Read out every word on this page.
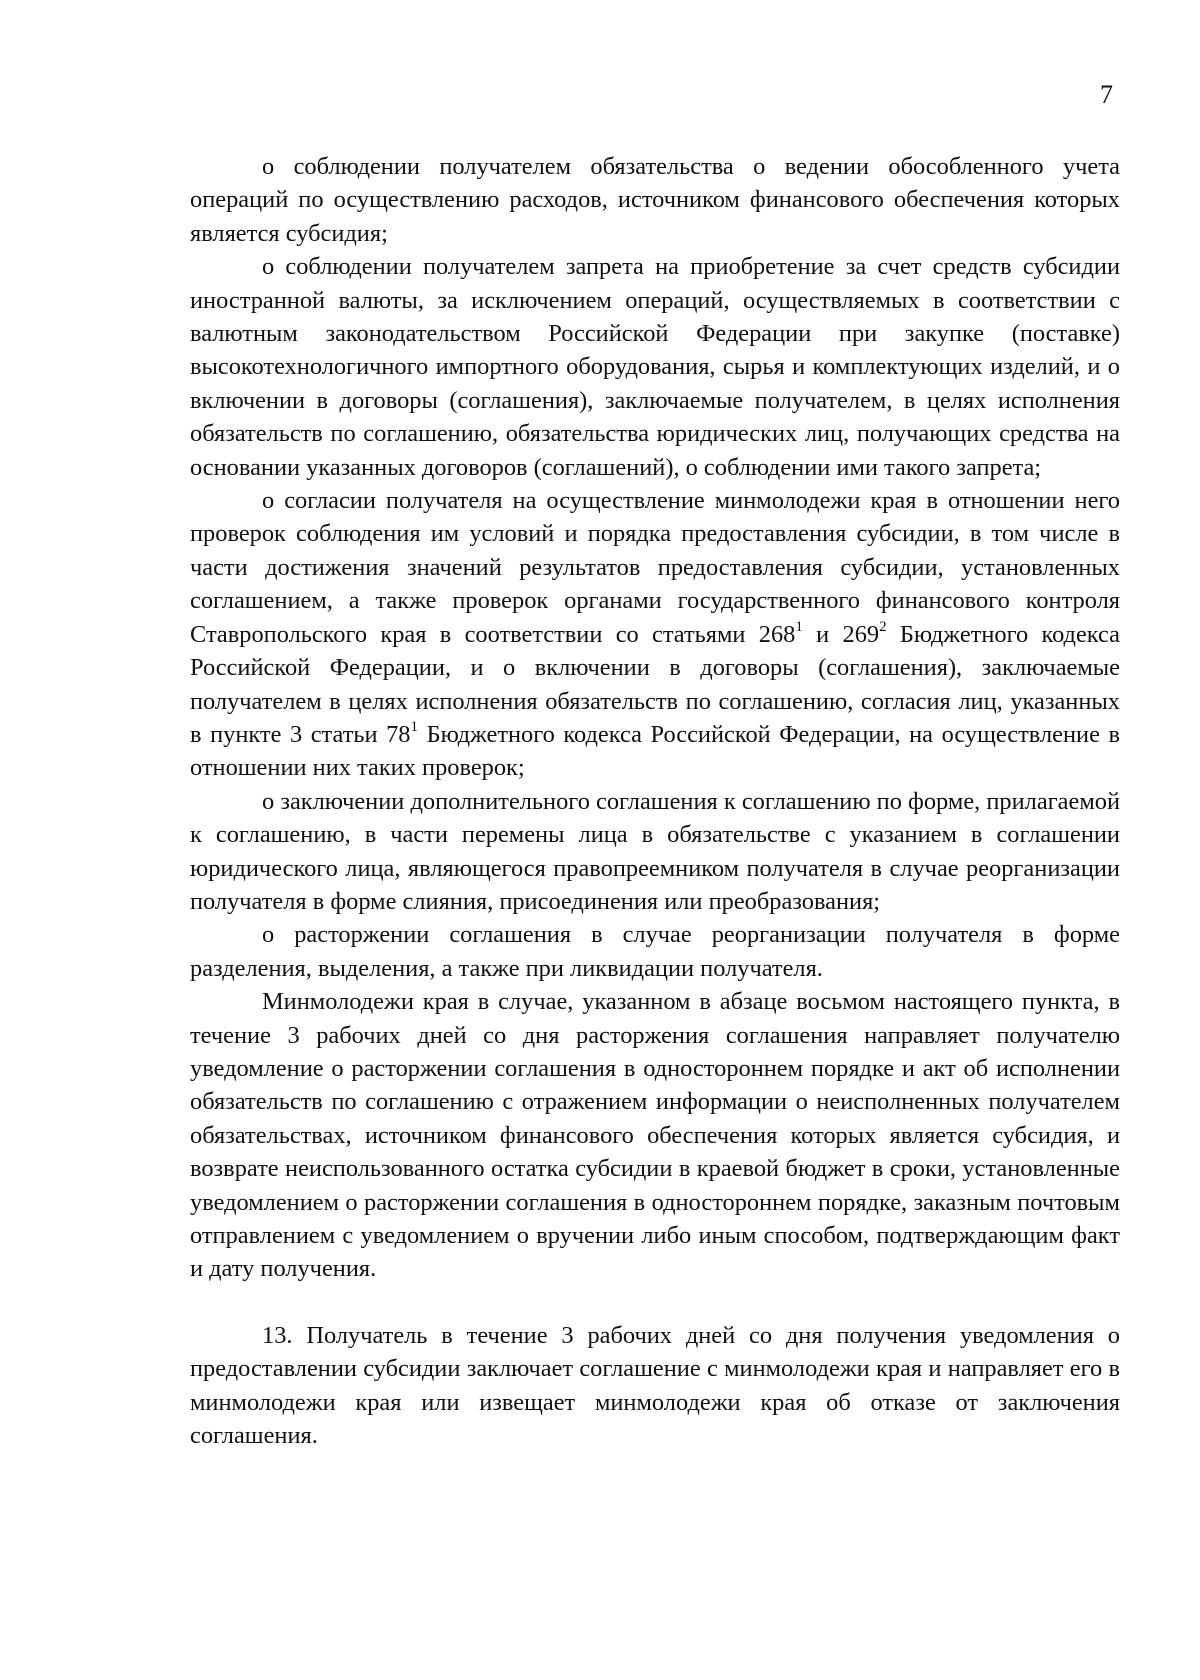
7

о соблюдении получателем обязательства о ведении обособленного учета операций по осуществлению расходов, источником финансового обеспечения которых является субсидия;

о соблюдении получателем запрета на приобретение за счет средств субсидии иностранной валюты, за исключением операций, осуществляемых в соответствии с валютным законодательством Российской Федерации при закупке (поставке) высокотехнологичного импортного оборудования, сырья и комплектующих изделий, и о включении в договоры (соглашения), заключаемые получателем, в целях исполнения обязательств по соглашению, обязательства юридических лиц, получающих средства на основании указанных договоров (соглашений), о соблюдении ими такого запрета;

о согласии получателя на осуществление минмолодежи края в отношении него проверок соблюдения им условий и порядка предоставления субсидии, в том числе в части достижения значений результатов предоставления субсидии, установленных соглашением, а также проверок органами государственного финансового контроля Ставропольского края в соответствии со статьями $268^1$ и $269^2$ Бюджетного кодекса Российской Федерации, и о включении в договоры (соглашения), заключаемые получателем в целях исполнения обязательств по соглашению, согласия лиц, указанных в пункте 3 статьи $78^1$ Бюджетного кодекса Российской Федерации, на осуществление в отношении них таких проверок;

о заключении дополнительного соглашения к соглашению по форме, прилагаемой к соглашению, в части перемены лица в обязательстве с указанием в соглашении юридического лица, являющегося правопреемником получателя в случае реорганизации получателя в форме слияния, присоединения или преобразования;

о расторжении соглашения в случае реорганизации получателя в форме разделения, выделения, а также при ликвидации получателя.

Минмолодежи края в случае, указанном в абзаце восьмом настоящего пункта, в течение 3 рабочих дней со дня расторжения соглашения направляет получателю уведомление о расторжении соглашения в одностороннем порядке и акт об исполнении обязательств по соглашению с отражением информации о неисполненных получателем обязательствах, источником финансового обеспечения которых является субсидия, и возврате неиспользованного остатка субсидии в краевой бюджет в сроки, установленные уведомлением о расторжении соглашения в одностороннем порядке, заказным почтовым отправлением с уведомлением о вручении либо иным способом, подтверждающим факт и дату получения.

13. Получатель в течение 3 рабочих дней со дня получения уведомления о предоставлении субсидии заключает соглашение с минмолодежи края и направляет его в минмолодежи края или извещает минмолодежи края об отказе от заключения соглашения.
